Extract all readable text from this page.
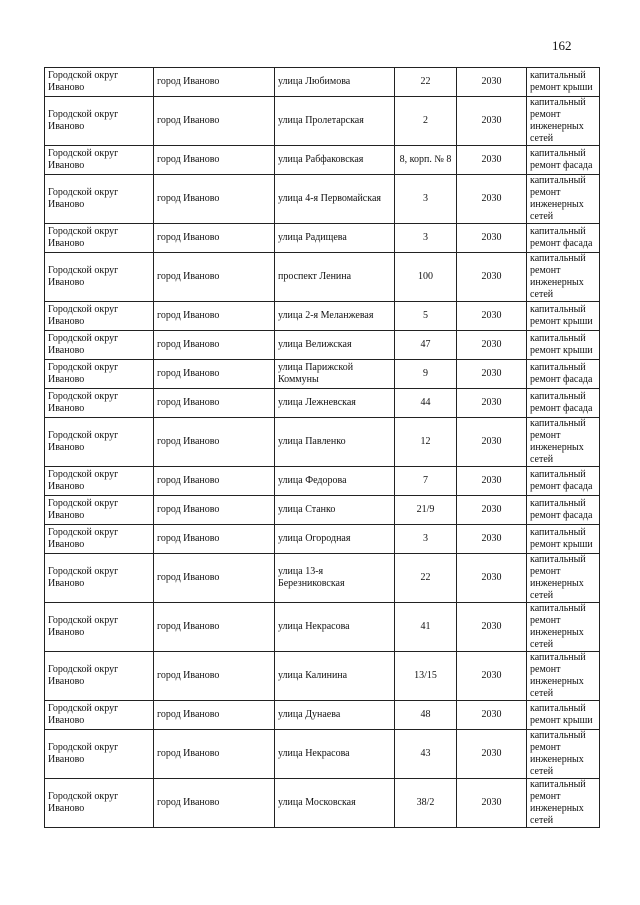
162
Городской округ Иваново	город Иваново	улица Любимова	22	2030	капитальный ремонт крыши
Городской округ Иваново	город Иваново	улица Пролетарская	2	2030	капитальный ремонт инженерных сетей
Городской округ Иваново	город Иваново	улица Рабфаковская	8, корп. № 8	2030	капитальный ремонт фасада
Городской округ Иваново	город Иваново	улица 4-я Первомайская	3	2030	капитальный ремонт инженерных сетей
Городской округ Иваново	город Иваново	улица Радищева	3	2030	капитальный ремонт фасада
Городской округ Иваново	город Иваново	проспект Ленина	100	2030	капитальный ремонт инженерных сетей
Городской округ Иваново	город Иваново	улица 2-я Меланжевая	5	2030	капитальный ремонт крыши
Городской округ Иваново	город Иваново	улица Велижская	47	2030	капитальный ремонт крыши
Городской округ Иваново	город Иваново	улица Парижской Коммуны	9	2030	капитальный ремонт фасада
Городской округ Иваново	город Иваново	улица Лежневская	44	2030	капитальный ремонт фасада
Городской округ Иваново	город Иваново	улица Павленко	12	2030	капитальный ремонт инженерных сетей
Городской округ Иваново	город Иваново	улица Федорова	7	2030	капитальный ремонт фасада
Городской округ Иваново	город Иваново	улица Станко	21/9	2030	капитальный ремонт фасада
Городской округ Иваново	город Иваново	улица Огородная	3	2030	капитальный ремонт крыши
Городской округ Иваново	город Иваново	улица 13-я Березниковская	22	2030	капитальный ремонт инженерных сетей
Городской округ Иваново	город Иваново	улица Некрасова	41	2030	капитальный ремонт инженерных сетей
Городской округ Иваново	город Иваново	улица Калинина	13/15	2030	капитальный ремонт инженерных сетей
Городской округ Иваново	город Иваново	улица Дунаева	48	2030	капитальный ремонт крыши
Городской округ Иваново	город Иваново	улица Некрасова	43	2030	капитальный ремонт инженерных сетей
Городской округ Иваново	город Иваново	улица Московская	38/2	2030	капитальный ремонт инженерных сетей
